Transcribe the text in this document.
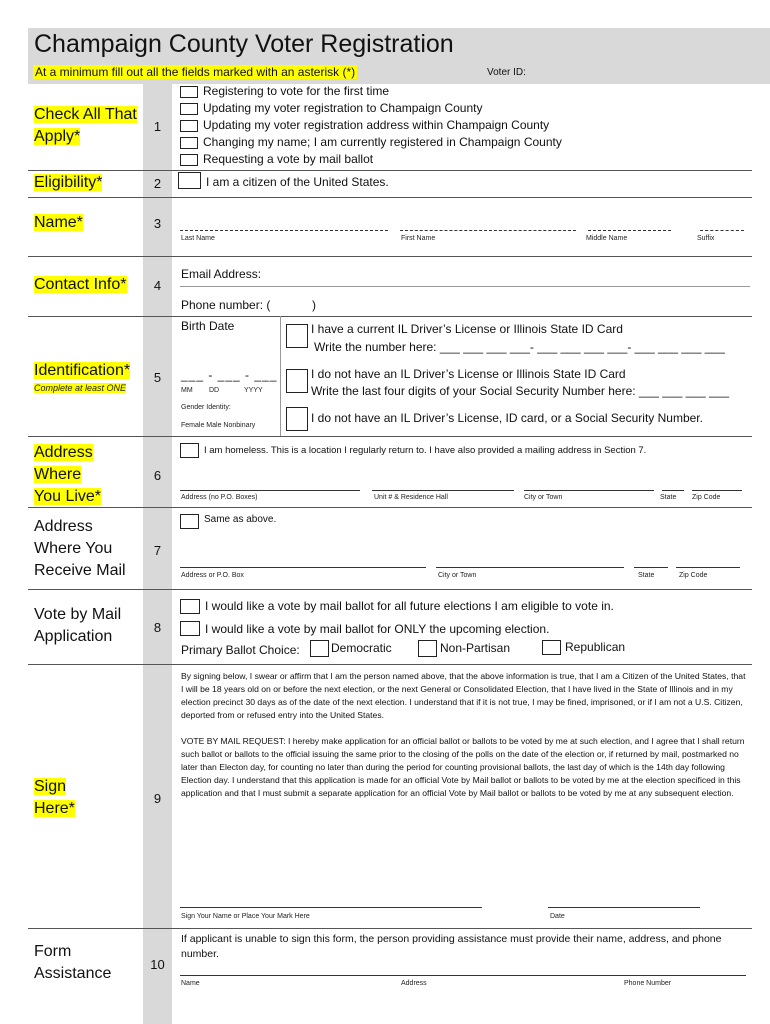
Champaign County Voter Registration
At a minimum fill out all the fields marked with an asterisk (*)	Voter ID:
Check All That
Apply*
1
Registering to vote for the first time
Updating my voter registration to Champaign County
Updating my voter registration address within Champaign County
Changing my name; I am currently registered in Champaign County
Requesting a vote by mail ballot
Eligibility*	2	I am a citizen of the United States.
Name*	3
Last Name	First Name	Middle Name	Suffix
Contact Info*	4
Email Address:
Phone number: (	)
Identification*
Complete at least ONE
5
Birth Date
___ - ___ - ___
MM DD	YYYY
Gender Identity:
Female Male Nonbinary
I have a current IL Driver’s License or Illinois State ID Card
Write the number here: ___ ___ ___ ___- ___ ___ ___ ___- ___ ___ ___ ___
I do not have an IL Driver’s License or Illinois State ID Card
Write the last four digits of your Social Security Number here: ___ ___ ___ ___
I do not have an IL Driver’s License, ID card, or a Social Security Number.
Address
Where
You Live*
6
I am homeless. This is a location I regularly return to. I have also provided a mailing address in Section 7.
Address (no P.O. Boxes)	Unit # & Residence Hall	City or Town	State Zip Code
Address
Where You
Receive Mail
7
Same as above.
Address or P.O. Box	City or Town	State	Zip Code
Vote by Mail
Application
8
I would like a vote by mail ballot for all future elections I am eligible to vote in.
I would like a vote by mail ballot for ONLY the upcoming election.
Primary Ballot Choice:	Democratic	Non-Partisan	Republican
Sign
Here*
9

By signing below, I swear or affirm that I am the person named above, that the above information is true, that I am a Citizen of the United States, that I will be 18 years old on or before the next election, or the next General or Consolidated Election, that I have lived in the State of Illinois and in my election precinct 30 days as of the date of the next election. I understand that if it is not true, I may be fined, imprisoned, or if I am not a U.S. Citizen, deported from or refused entry into the United States.

VOTE BY MAIL REQUEST: I hereby make application for an official ballot or ballots to be voted by me at such election, and I agree that I shall return such ballot or ballots to the official issuing the same prior to the closing of the polls on the date of the election or, if returned by mail, postmarked no later than Electon day, for counting no later than during the period for counting provisional ballots, the last day of which is the 14th day following Election day. I understand that this application is made for an official Vote by Mail ballot or ballots to be voted by me at the election specificed in this application and that I must submit a separate application for an official Vote by Mail ballot or ballots to be voted by me at any subsequent election.

Sign Your Name or Place Your Mark Here	Date
Form
Assistance
10
If applicant is unable to sign this form, the person providing assistance must provide their name, address, and phone number.
Name	Address	Phone Number
